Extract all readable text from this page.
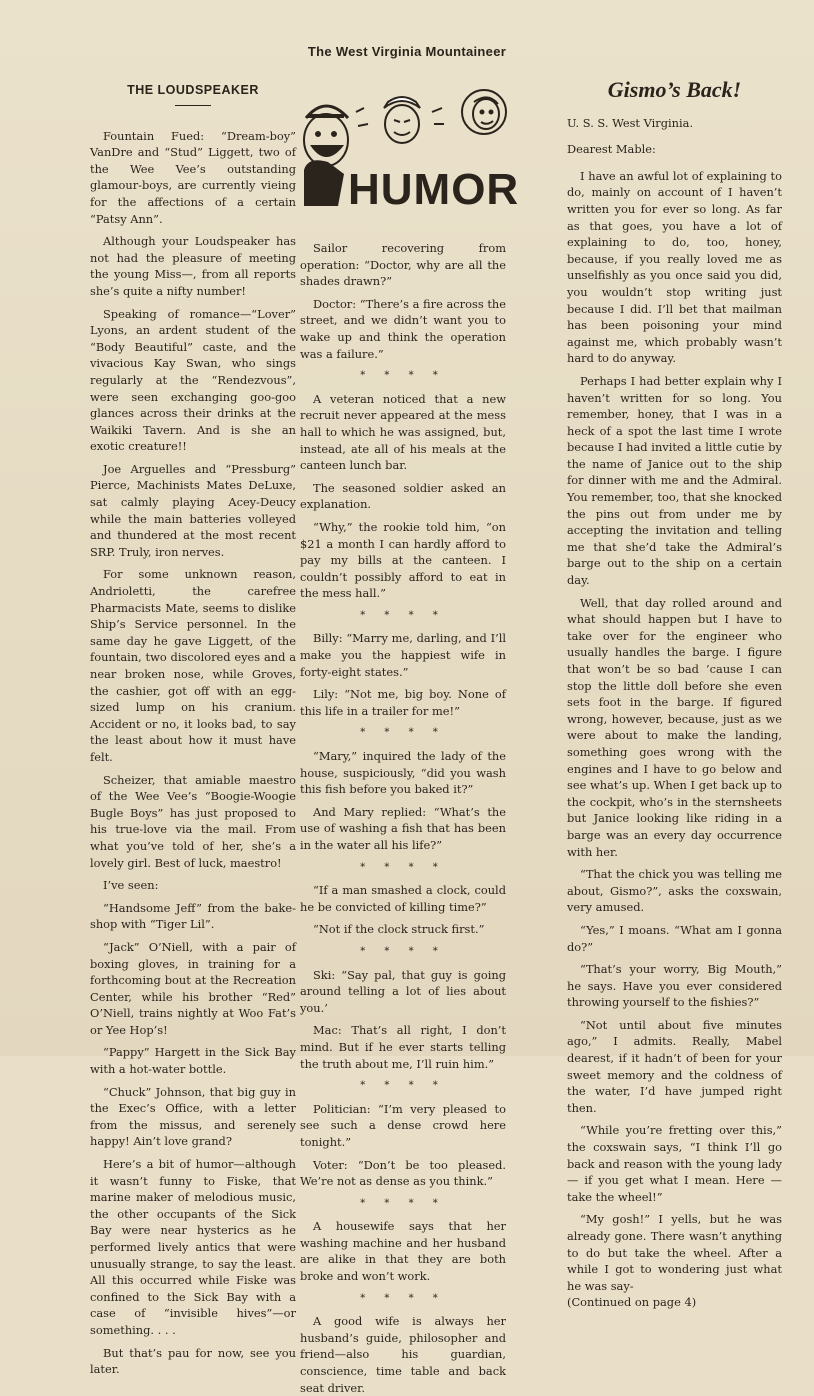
The West Virginia Mountaineer
THE LOUDSPEAKER

Fountain Fued: “Dream-boy” VanDre and “Stud” Liggett, two of the Wee Vee’s outstanding glamour-boys, are currently vieing for the affections of a certain “Patsy Ann”.

Although your Loudspeaker has not had the pleasure of meeting the young Miss—, from all reports she’s quite a nifty number!

Speaking of romance—“Lover” Lyons, an ardent student of the “Body Beautiful” caste, and the vivacious Kay Swan, who sings regularly at the “Rendezvous”, were seen exchanging goo-goo glances across their drinks at the Waikiki Tavern. And is she an exotic creature!!

Joe Arguelles and “Pressburg” Pierce, Machinists Mates DeLuxe, sat calmly playing Acey-Deucy while the main batteries volleyed and thundered at the most recent SRP. Truly, iron nerves.

For some unknown reason, Andrioletti, the carefree Pharmacists Mate, seems to dislike Ship’s Service personnel. In the same day he gave Liggett, of the fountain, two discolored eyes and a near broken nose, while Groves, the cashier, got off with an egg-sized lump on his cranium. Accident or no, it looks bad, to say the least about how it must have felt.

Scheizer, that amiable maestro of the Wee Vee’s “Boogie-Woogie Bugle Boys” has just proposed to his true-love via the mail. From what you’ve told of her, she’s a lovely girl. Best of luck, maestro!

I’ve seen:

“Handsome Jeff” from the bake-shop with “Tiger Lil”.

“Jack” O’Niell, with a pair of boxing gloves, in training for a forthcoming bout at the Recreation Center, while his brother “Red” O’Niell, trains nightly at Woo Fat’s or Yee Hop’s!

“Pappy” Hargett in the Sick Bay with a hot-water bottle.

“Chuck” Johnson, that big guy in the Exec’s Office, with a letter from the missus, and serenely happy! Ain’t love grand?

Here’s a bit of humor—although it wasn’t funny to Fiske, that marine maker of melodious music, the other occupants of the Sick Bay were near hysterics as he performed lively antics that were unusually strange, to say the least. All this occurred while Fiske was confined to the Sick Bay with a case of “invisible hives”—or something. . . .

But that’s pau for now, see you later.

HUMOR

Sailor recovering from operation: “Doctor, why are all the shades drawn?”

Doctor: “There’s a fire across the street, and we didn’t want you to wake up and think the operation was a failure.”

* * * *

A veteran noticed that a new recruit never appeared at the mess hall to which he was assigned, but, instead, ate all of his meals at the canteen lunch bar.

The seasoned soldier asked an explanation.

“Why,” the rookie told him, “on $21 a month I can hardly afford to pay my bills at the canteen. I couldn’t possibly afford to eat in the mess hall.”

* * * *

Billy: “Marry me, darling, and I’ll make you the happiest wife in forty-eight states.”

Lily: “Not me, big boy. None of this life in a trailer for me!”

* * * *

“Mary,” inquired the lady of the house, suspiciously, “did you wash this fish before you baked it?”

And Mary replied: “What’s the use of washing a fish that has been in the water all his life?”

* * * *

“If a man smashed a clock, could he be convicted of killing time?”

“Not if the clock struck first.”

* * * *

Ski: “Say pal, that guy is going around telling a lot of lies about you.’

Mac: That’s all right, I don’t mind. But if he ever starts telling the truth about me, I’ll ruin him.”

* * * *

Politician: “I’m very pleased to see such a dense crowd here tonight.”

Voter: “Don’t be too pleased. We’re not as dense as you think.”

* * * *

A housewife says that her washing machine and her husband are alike in that they are both broke and won’t work.

* * * *

A good wife is always her husband’s guide, philosopher and friend—also his guardian, conscience, time table and back seat driver.

Gismo’s Back!

U. S. S. West Virginia.

Dearest Mable:

I have an awful lot of explaining to do, mainly on account of I haven’t written you for ever so long. As far as that goes, you have a lot of explaining to do, too, honey, because, if you really loved me as unselfishly as you once said you did, you wouldn’t stop writing just because I did. I’ll bet that mailman has been poisoning your mind against me, which probably wasn’t hard to do anyway.

Perhaps I had better explain why I haven’t written for so long. You remember, honey, that I was in a heck of a spot the last time I wrote because I had invited a little cutie by the name of Janice out to the ship for dinner with me and the Admiral. You remember, too, that she knocked the pins out from under me by accepting the invitation and telling me that she’d take the Admiral’s barge out to the ship on a certain day.

Well, that day rolled around and what should happen but I have to take over for the engineer who usually handles the barge. I figure that won’t be so bad ’cause I can stop the little doll before she even sets foot in the barge. If figured wrong, however, because, just as we were about to make the landing, something goes wrong with the engines and I have to go below and see what’s up. When I get back up to the cockpit, who’s in the sternsheets but Janice looking like riding in a barge was an every day occurrence with her.

“That the chick you was telling me about, Gismo?”, asks the coxswain, very amused.

“Yes,” I moans. “What am I gonna do?”

“That’s your worry, Big Mouth,” he says. Have you ever considered throwing yourself to the fishies?”

“Not until about five minutes ago,” I admits. Really, Mabel dearest, if it hadn’t of been for your sweet memory and the coldness of the water, I’d have jumped right then.

“While you’re fretting over this,” the coxswain says, “I think I’ll go back and reason with the young lady — if you get what I mean. Here — take the wheel!”

“My gosh!” I yells, but he was already gone. There wasn’t anything to do but take the wheel. After a while I got to wondering just what he was say-

(Continued on page 4)
